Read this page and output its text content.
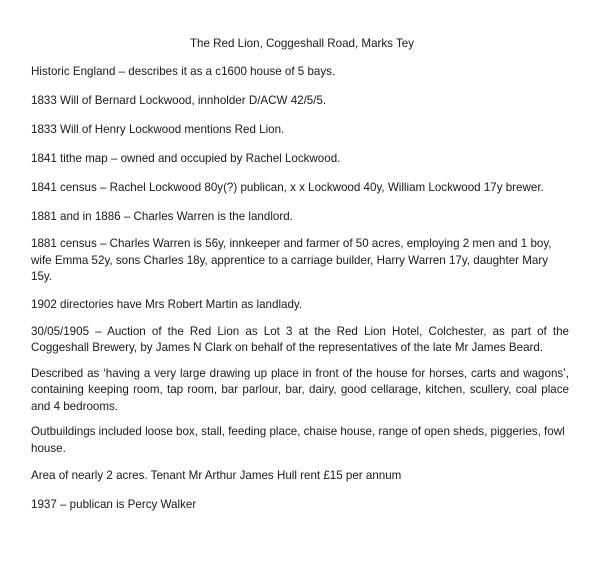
The Red Lion, Coggeshall Road, Marks Tey

Historic England – describes it as a c1600 house of 5 bays.

1833 Will of Bernard Lockwood, innholder D/ACW 42/5/5.

1833 Will of Henry Lockwood mentions Red Lion.

1841 tithe map – owned and occupied by Rachel Lockwood.

1841 census – Rachel Lockwood 80y(?) publican, x x Lockwood 40y, William Lockwood 17y brewer.

1881 and in 1886 – Charles Warren is the landlord.

1881 census – Charles Warren is 56y, innkeeper and farmer of 50 acres, employing 2 men and 1 boy, wife Emma 52y, sons Charles 18y, apprentice to a carriage builder, Harry Warren 17y, daughter Mary 15y.

1902 directories have Mrs Robert Martin as landlady.

30/05/1905 – Auction of the Red Lion as Lot 3 at the Red Lion Hotel, Colchester, as part of the Coggeshall Brewery, by James N Clark on behalf of the representatives of the late Mr James Beard.

Described as ‘having a very large drawing up place in front of the house for horses, carts and wagons’, containing keeping room, tap room, bar parlour, bar, dairy, good cellarage, kitchen, scullery, coal place and 4 bedrooms.

Outbuildings included loose box, stall, feeding place, chaise house, range of open sheds, piggeries, fowl house.

Area of nearly 2 acres. Tenant Mr Arthur James Hull rent £15 per annum

1937 – publican is Percy Walker
